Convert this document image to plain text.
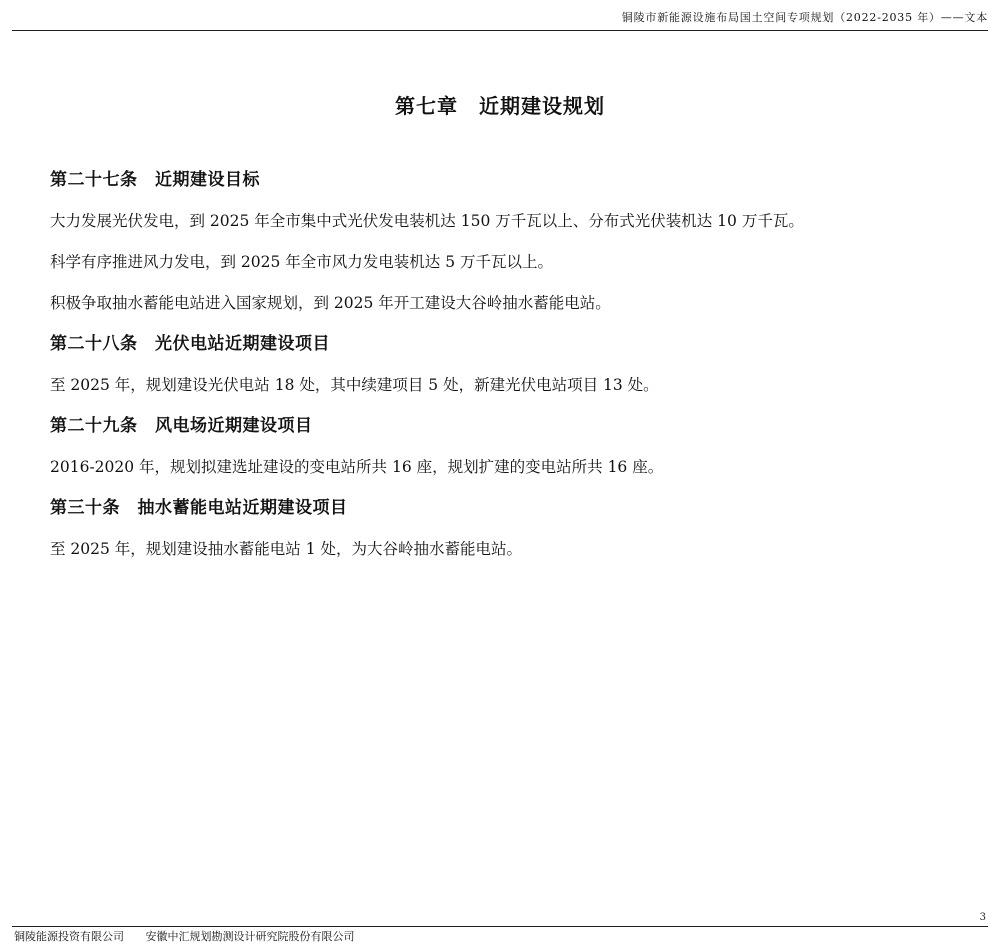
铜陵市新能源设施布局国土空间专项规划（2022-2035 年）——文本
第七章　近期建设规划
第二十七条　近期建设目标
大力发展光伏发电，到 2025 年全市集中式光伏发电装机达 150 万千瓦以上、分布式光伏装机达 10 万千瓦。
科学有序推进风力发电，到 2025 年全市风力发电装机达 5 万千瓦以上。
积极争取抽水蓄能电站进入国家规划，到 2025 年开工建设大谷岭抽水蓄能电站。
第二十八条　光伏电站近期建设项目
至 2025 年，规划建设光伏电站 18 处，其中续建项目 5 处，新建光伏电站项目 13 处。
第二十九条　风电场近期建设项目
2016-2020 年，规划拟建选址建设的变电站所共 16 座，规划扩建的变电站所共 16 座。
第三十条　抽水蓄能电站近期建设项目
至 2025 年，规划建设抽水蓄能电站 1 处，为大谷岭抽水蓄能电站。
3
铜陵能源投资有限公司 安徽中汇规划勘测设计研究院股份有限公司
